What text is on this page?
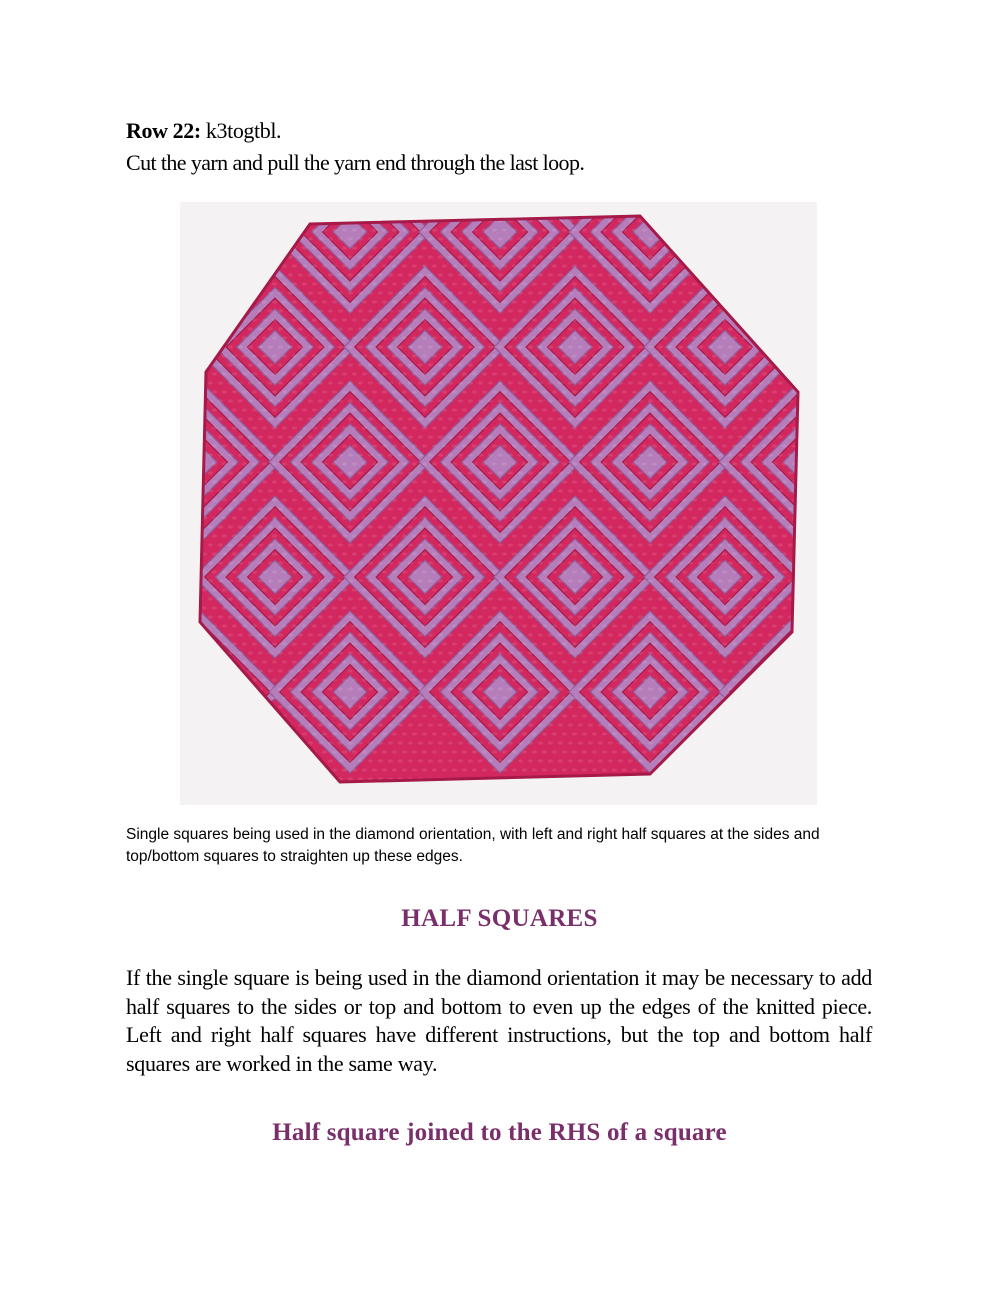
Row 22: k3togtbl.
Cut the yarn and pull the yarn end through the last loop.
Single squares being used in the diamond orientation, with left and right half squares at the sides and top/bottom squares to straighten up these edges.
HALF SQUARES
If the single square is being used in the diamond orientation it may be necessary to add half squares to the sides or top and bottom to even up the edges of the knitted piece. Left and right half squares have different instructions, but the top and bottom half squares are worked in the same way.
Half square joined to the RHS of a square
